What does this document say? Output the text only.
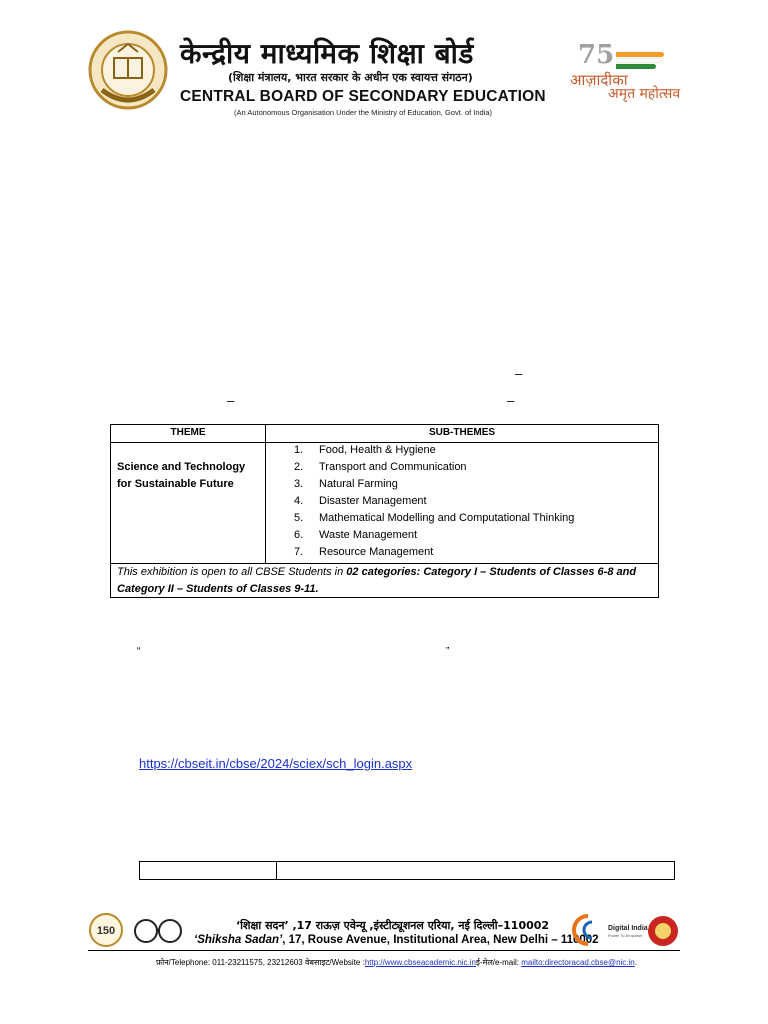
केन्द्रीय माध्यमिक शिक्षा बोर्ड
( शिक्षा मंत्रालय, भारत सरकार के अधीन एक स्वायत्त संगठन )
CENTRAL BOARD OF SECONDARY EDUCATION
(An Autonomous Organisation Under the Ministry of Education, Govt. of India)
75
आज़ादीका
अमृत महोत्सव
–
–	–
THEME	SUB-THEMES
Science and Technology for Sustainable Future
1. Food, Health & Hygiene
2. Transport and Communication
3. Natural Farming
4. Disaster Management
5. Mathematical Modelling and Computational Thinking
6. Waste Management
7. Resource Management
This exhibition is open to all CBSE Students in 02 categories: Category I – Students of Classes 6-8 and Category II – Students of Classes 9-11.
“	”
https://cbseit.in/cbse/2024/sciex/sch_login.aspx
150	‘शिक्षा सदन’ ,17 राऊज़ एवेन्यू ,इंस्टीट्यूशनल एरिया, नई दिल्ली–110002
‘Shiksha Sadan’, 17, Rouse Avenue, Institutional Area, New Delhi – 110002
Digital India
Power To Empower
फ़ोन/Telephone: 011-23211575, 23212603 वेबसाइट/Website :http://www.cbseacademic.nic.inई-मेल/e-mail: mailto:directoracad.cbse@nic.in.
